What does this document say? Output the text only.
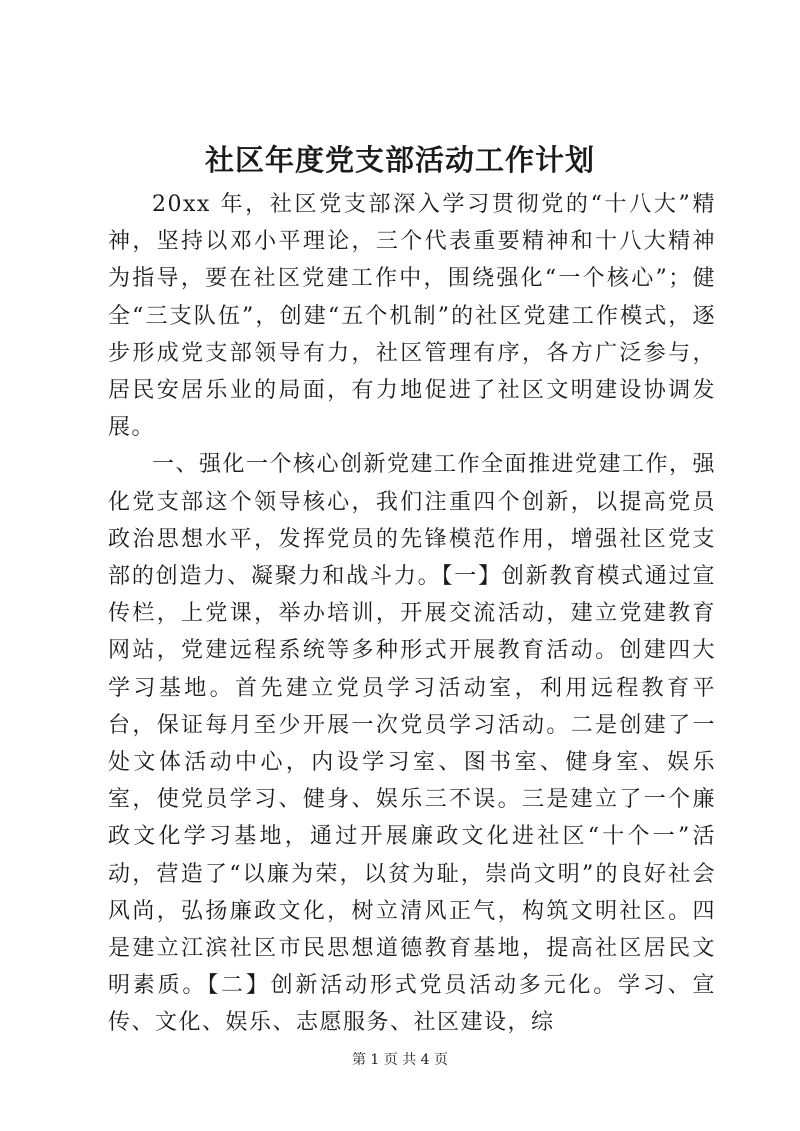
社区年度党支部活动工作计划

20xx 年，社区党支部深入学习贯彻党的“十八大”精神，坚持以邓小平理论，三个代表重要精神和十八大精神为指导，要在社区党建工作中，围绕强化“一个核心”；健全“三支队伍”，创建“五个机制”的社区党建工作模式，逐步形成党支部领导有力，社区管理有序，各方广泛参与，居民安居乐业的局面，有力地促进了社区文明建设协调发展。

一、强化一个核心创新党建工作全面推进党建工作，强化党支部这个领导核心，我们注重四个创新，以提高党员政治思想水平，发挥党员的先锋模范作用，增强社区党支部的创造力、凝聚力和战斗力。【一】创新教育模式通过宣传栏，上党课，举办培训，开展交流活动，建立党建教育网站，党建远程系统等多种形式开展教育活动。创建四大学习基地。首先建立党员学习活动室，利用远程教育平台，保证每月至少开展一次党员学习活动。二是创建了一处文体活动中心，内设学习室、图书室、健身室、娱乐室，使党员学习、健身、娱乐三不误。三是建立了一个廉政文化学习基地，通过开展廉政文化进社区“十个一”活动，营造了“以廉为荣，以贫为耻，崇尚文明”的良好社会风尚，弘扬廉政文化，树立清风正气，构筑文明社区。四是建立江滨社区市民思想道德教育基地，提高社区居民文明素质。【二】创新活动形式党员活动多元化。学习、宣传、文化、娱乐、志愿服务、社区建设，综

第 1 页 共 4 页
